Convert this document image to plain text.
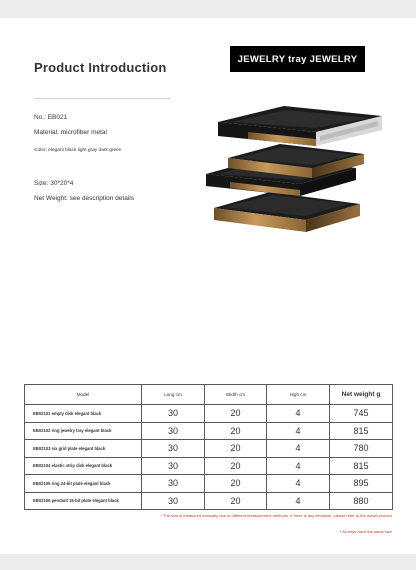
Product Introduction
JEWELRY tray JEWELRY
No.: EB021
Material: microfiber metal
Color: elegant black light gray dark green
Size: 30*20*4
Net Weight: see description details
Model	Long cm	Width cm	High cm	Net weight g
EB02101 empty disk elegant black	30	20	4	745
EB02102 ring jewelry tray elegant black	30	20	4	815
EB02103 six grid plate elegant black	30	20	4	780
EB02104 elastic strip disk elegant black	30	20	4	815
EB02105 ring 24-bit plate elegant black	30	20	4	895
EB02106 pendant 15-bit plate elegant black	30	20	4	880
* The size is measured manually due to different measurement methods. If there is any deviation, please refer to the actual product
* All trays have the same size
